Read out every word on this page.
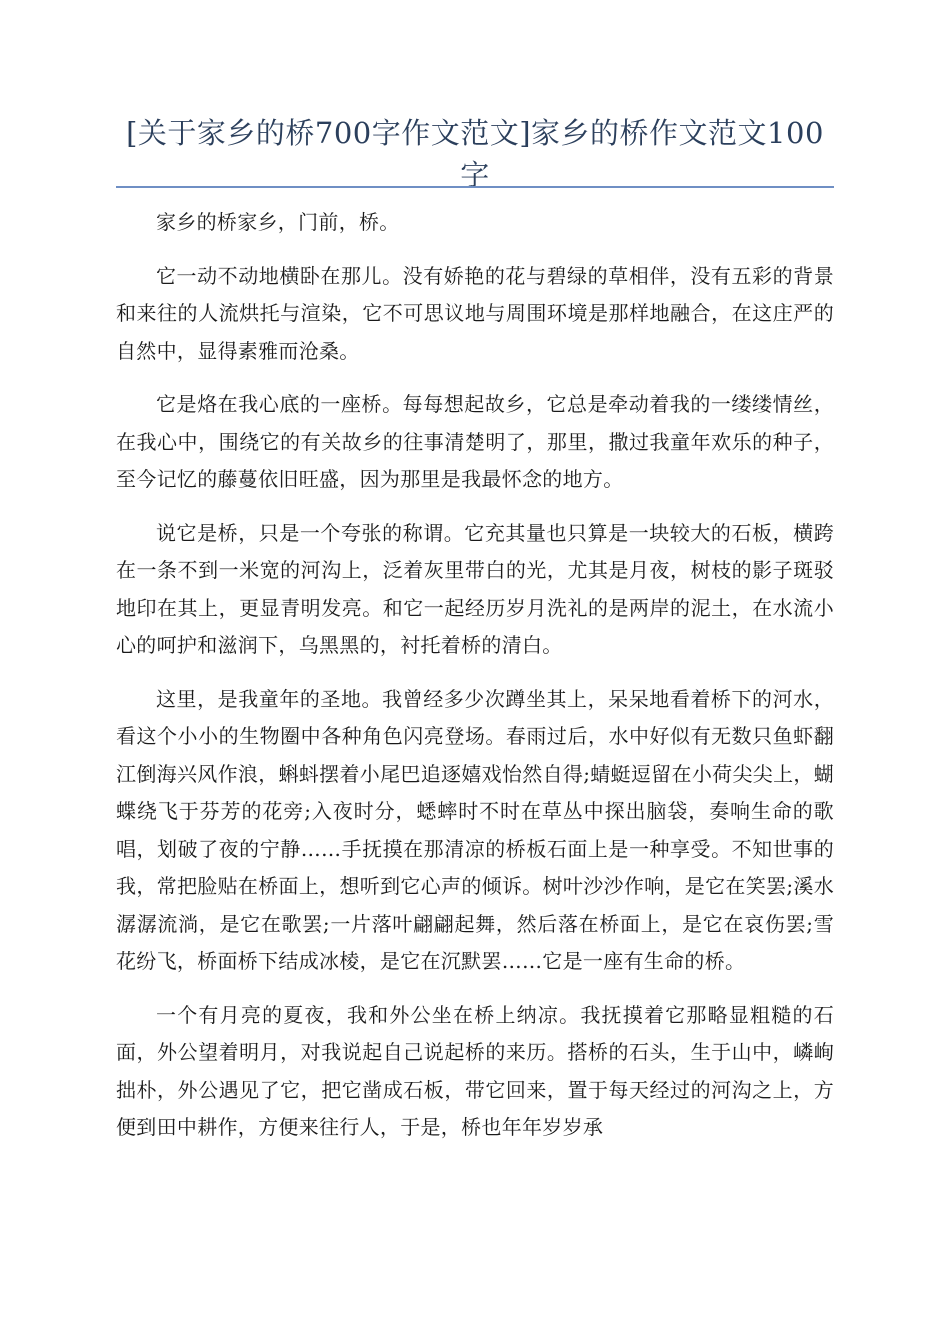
[关于家乡的桥700字作文范文]家乡的桥作文范文100字

家乡的桥家乡，门前，桥。

它一动不动地横卧在那儿。没有娇艳的花与碧绿的草相伴，没有五彩的背景和来往的人流烘托与渲染，它不可思议地与周围环境是那样地融合，在这庄严的自然中，显得素雅而沧桑。

它是烙在我心底的一座桥。每每想起故乡，它总是牵动着我的一缕缕情丝，在我心中，围绕它的有关故乡的往事清楚明了，那里，撒过我童年欢乐的种子，至今记忆的藤蔓依旧旺盛，因为那里是我最怀念的地方。

说它是桥，只是一个夸张的称谓。它充其量也只算是一块较大的石板，横跨在一条不到一米宽的河沟上，泛着灰里带白的光，尤其是月夜，树枝的影子斑驳地印在其上，更显青明发亮。和它一起经历岁月洗礼的是两岸的泥土，在水流小心的呵护和滋润下，乌黑黑的，衬托着桥的清白。

这里，是我童年的圣地。我曾经多少次蹲坐其上，呆呆地看着桥下的河水，看这个小小的生物圈中各种角色闪亮登场。春雨过后，水中好似有无数只鱼虾翻江倒海兴风作浪，蝌蚪摆着小尾巴追逐嬉戏怡然自得;蜻蜓逗留在小荷尖尖上，蝴蝶绕飞于芬芳的花旁;入夜时分，蟋蟀时不时在草丛中探出脑袋，奏响生命的歌唱，划破了夜的宁静……手抚摸在那清凉的桥板石面上是一种享受。不知世事的我，常把脸贴在桥面上，想听到它心声的倾诉。树叶沙沙作响，是它在笑罢;溪水潺潺流淌，是它在歌罢;一片落叶翩翩起舞，然后落在桥面上，是它在哀伤罢;雪花纷飞，桥面桥下结成冰棱，是它在沉默罢……它是一座有生命的桥。

一个有月亮的夏夜，我和外公坐在桥上纳凉。我抚摸着它那略显粗糙的石面，外公望着明月，对我说起自己说起桥的来历。搭桥的石头，生于山中，嶙峋拙朴，外公遇见了它，把它凿成石板，带它回来，置于每天经过的河沟之上，方便到田中耕作，方便来往行人，于是，桥也年年岁岁承
